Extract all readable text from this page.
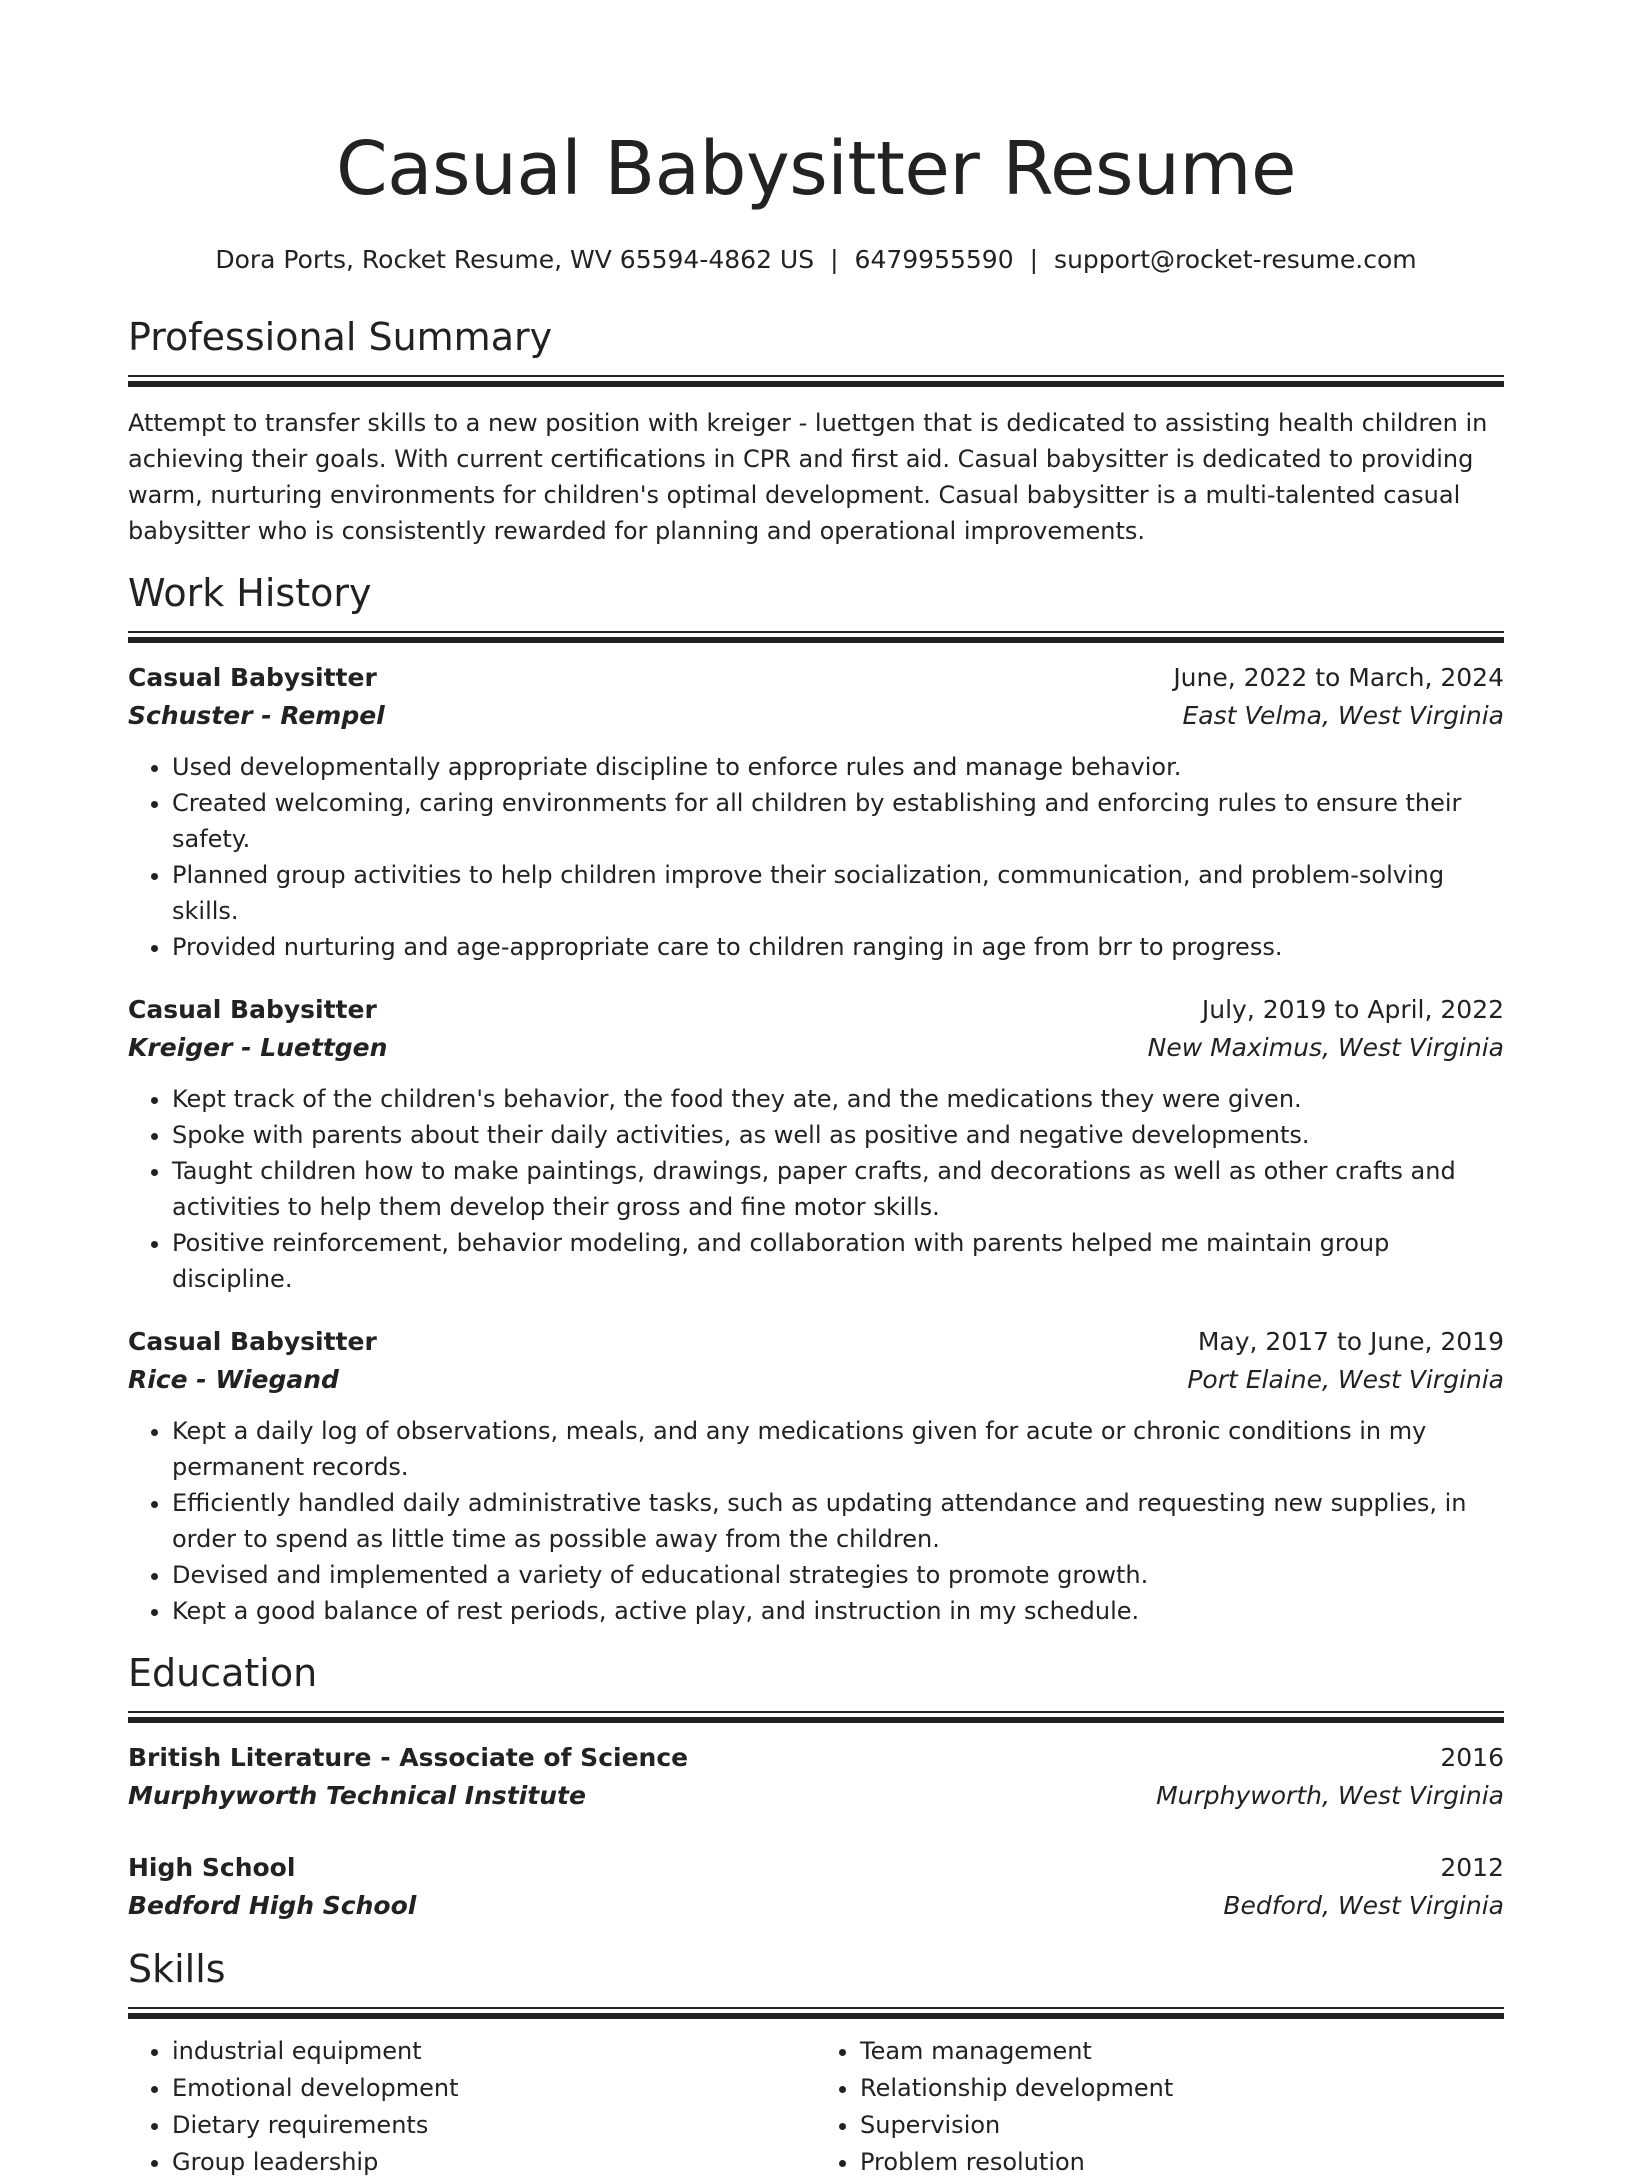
Casual Babysitter Resume
Dora Ports, Rocket Resume, WV 65594-4862 US | 6479955590 | support@rocket-resume.com
Professional Summary
Attempt to transfer skills to a new position with kreiger - luettgen that is dedicated to assisting health children in achieving their goals. With current certifications in CPR and first aid. Casual babysitter is dedicated to providing warm, nurturing environments for children's optimal development. Casual babysitter is a multi-talented casual babysitter who is consistently rewarded for planning and operational improvements.
Work History
Casual Babysitter	June, 2022 to March, 2024
Schuster - Rempel	East Velma, West Virginia
• Used developmentally appropriate discipline to enforce rules and manage behavior.
• Created welcoming, caring environments for all children by establishing and enforcing rules to ensure their safety.
• Planned group activities to help children improve their socialization, communication, and problem-solving skills.
• Provided nurturing and age-appropriate care to children ranging in age from brr to progress.
Casual Babysitter	July, 2019 to April, 2022
Kreiger - Luettgen	New Maximus, West Virginia
• Kept track of the children's behavior, the food they ate, and the medications they were given.
• Spoke with parents about their daily activities, as well as positive and negative developments.
• Taught children how to make paintings, drawings, paper crafts, and decorations as well as other crafts and activities to help them develop their gross and fine motor skills.
• Positive reinforcement, behavior modeling, and collaboration with parents helped me maintain group discipline.
Casual Babysitter	May, 2017 to June, 2019
Rice - Wiegand	Port Elaine, West Virginia
• Kept a daily log of observations, meals, and any medications given for acute or chronic conditions in my permanent records.
• Efficiently handled daily administrative tasks, such as updating attendance and requesting new supplies, in order to spend as little time as possible away from the children.
• Devised and implemented a variety of educational strategies to promote growth.
• Kept a good balance of rest periods, active play, and instruction in my schedule.
Education
British Literature - Associate of Science	2016
Murphyworth Technical Institute	Murphyworth, West Virginia
High School	2012
Bedford High School	Bedford, West Virginia
Skills
• industrial equipment
• Emotional development
• Dietary requirements
• Group leadership
• Team management
• Relationship development
• Supervision
• Problem resolution
